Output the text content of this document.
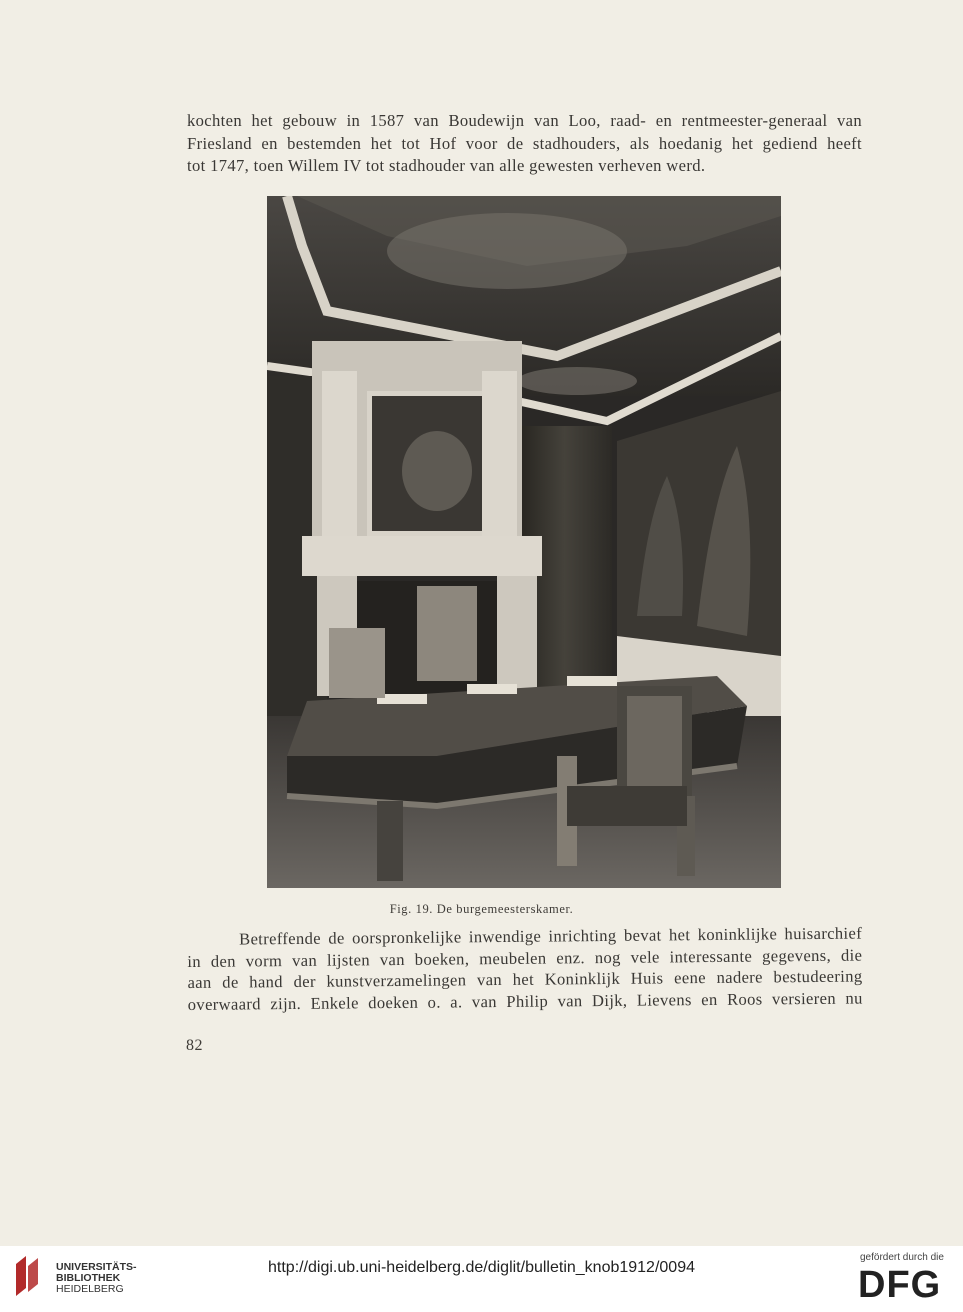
kochten het gebouw in 1587 van Boudewijn van Loo, raad- en rentmeester-generaal van
Friesland en bestemden het tot Hof voor de stadhouders, als hoedanig het gediend heeft
tot 1747, toen Willem IV tot stadhouder van alle gewesten verheven werd.
Fig. 19. De burgemeesterskamer.
Betreffende de oorspronkelijke inwendige inrichting bevat het koninklijke huisarchief
in den vorm van lijsten van boeken, meubelen enz. nog vele interessante gegevens, die
aan de hand der kunstverzamelingen van het Koninklijk Huis eene nadere bestudeering
overwaard zijn. Enkele doeken o. a. van Philip van Dijk, Lievens en Roos versieren nu
82
UNIVERSITÄTS-
BIBLIOTHEK
HEIDELBERG
http://digi.ub.uni-heidelberg.de/diglit/bulletin_knob1912/0094
gefördert durch die
DFG
